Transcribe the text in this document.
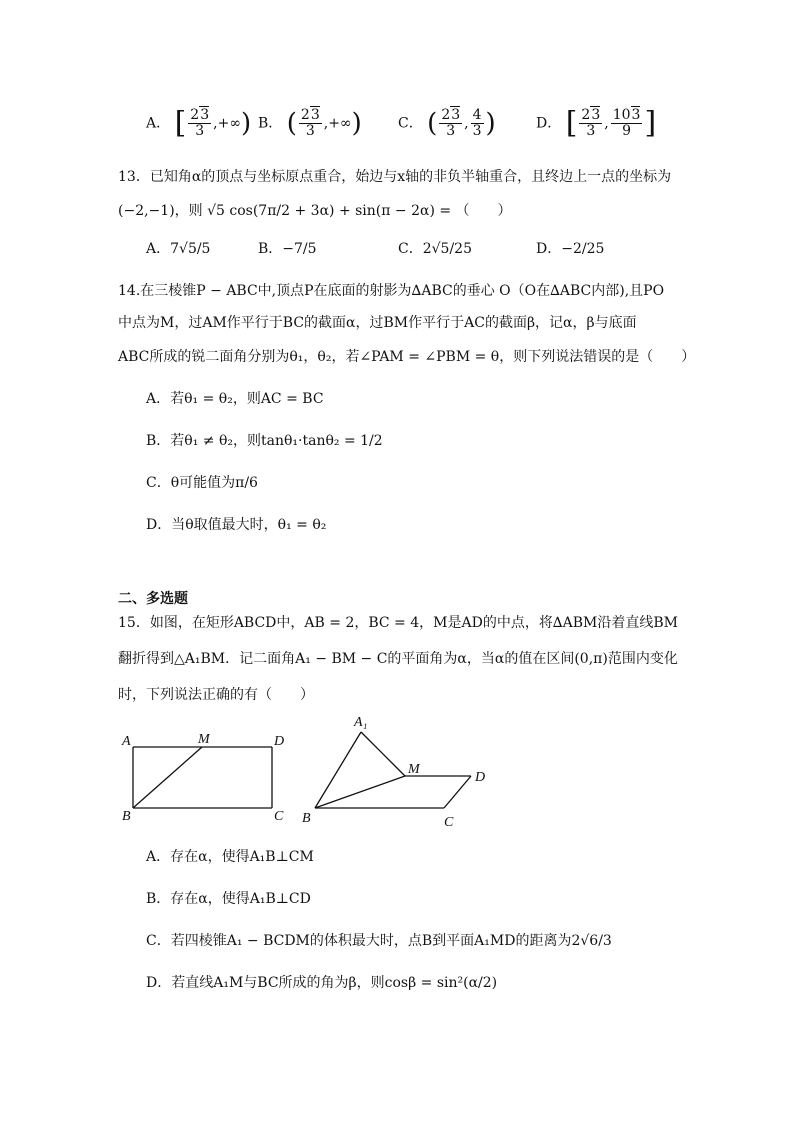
A． [ $\frac{23}{3}$ ,+∞) B． ( $\frac{23}{3}$ ,+∞)	C． ( $\frac{23}{3}$ , $\frac{4}{3}$ )	D． [ $\frac{23}{3}$ , $\frac{103}{9}$ ]
13．已知角α的顶点与坐标原点重合，始边与x轴的非负半轴重合，且终边上一点的坐标为
(−2,−1)，则 √5 cos(7π/2 + 3α) + sin(π − 2α) = （　　）
A．7√5/5	B．−7/5	C．2√5/25	D．−2/25
14.在三棱锥P − ABC中,顶点P在底面的射影为∆ABC的垂心 O（O在∆ABC内部),且PO
中点为M，过AM作平行于BC的截面α，过BM作平行于AC的截面β，记α，β与底面
ABC所成的锐二面角分别为θ₁，θ₂，若∠PAM = ∠PBM = θ，则下列说法错误的是（　　）
A．若θ₁ = θ₂，则AC = BC
B．若θ₁ ≠ θ₂，则tanθ₁·tanθ₂ = 1/2
C．θ可能值为π/6
D．当θ取值最大时，θ₁ = θ₂
二、多选题
15．如图，在矩形ABCD中，AB = 2，BC = 4，M是AD的中点，将∆ABM沿着直线BM
翻折得到△A₁BM．记二面角A₁ − BM − C的平面角为α，当α的值在区间(0,π)范围内变化
时，下列说法正确的有（　　）
A	M	D
B	C
A₁
M
D
B	C
A．存在α，使得A₁B⊥CM
B．存在α，使得A₁B⊥CD
C．若四棱锥A₁ − BCDM的体积最大时，点B到平面A₁MD的距离为2√6/3
D．若直线A₁M与BC所成的角为β，则cosβ = sin²(α/2)
